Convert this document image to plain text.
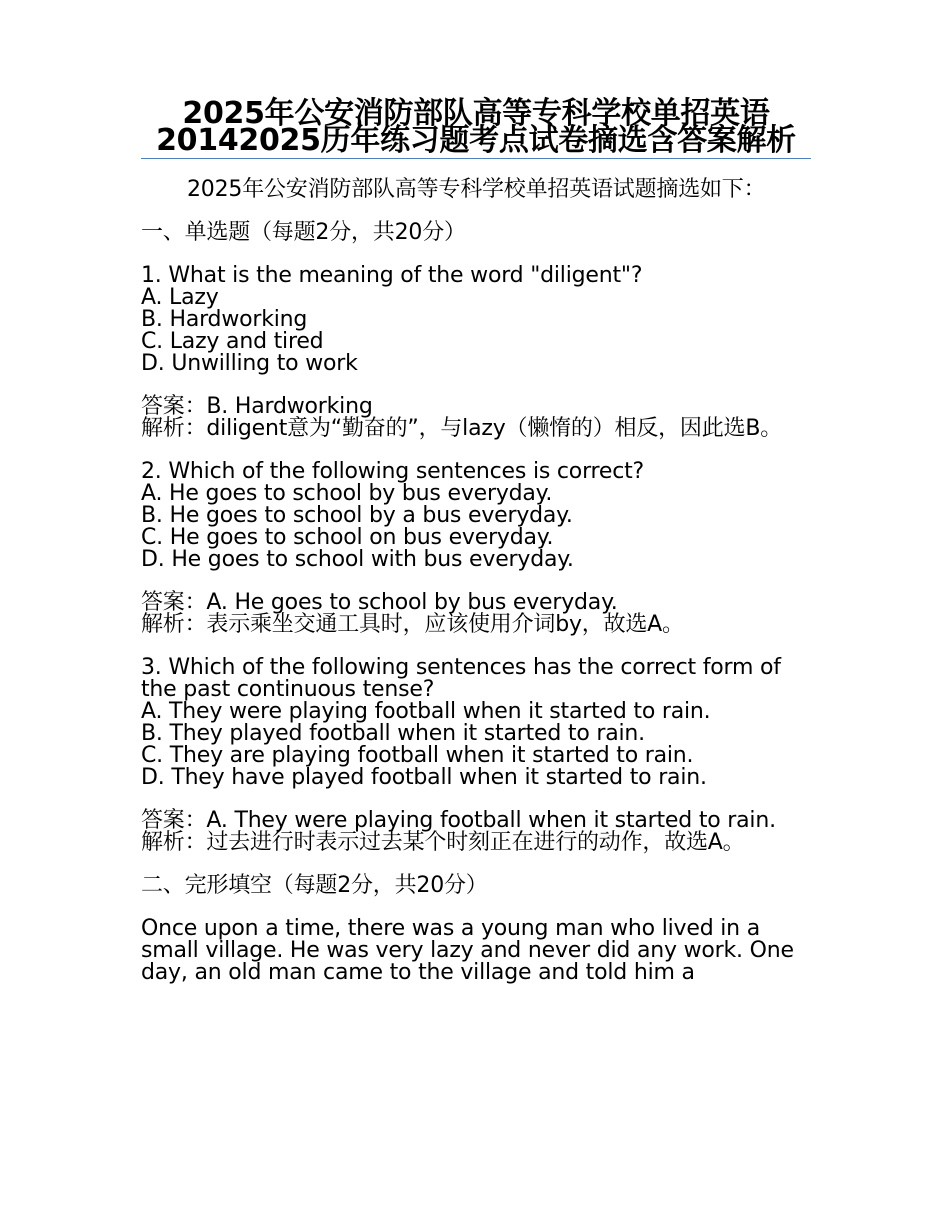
2025年公安消防部队高等专科学校单招英语20142025历年练习题考点试卷摘选含答案解析

2025年公安消防部队高等专科学校单招英语试题摘选如下：

一、单选题（每题2分，共20分）

1. What is the meaning of the word "diligent"?
A. Lazy
B. Hardworking
C. Lazy and tired
D. Unwilling to work
答案：B. Hardworking
解析：diligent意为“勤奋的”，与lazy（懒惰的）相反，因此选B。
2. Which of the following sentences is correct?
A. He goes to school by bus everyday.
B. He goes to school by a bus everyday.
C. He goes to school on bus everyday.
D. He goes to school with bus everyday.
答案：A. He goes to school by bus everyday.
解析：表示乘坐交通工具时，应该使用介词by，故选A。
3. Which of the following sentences has the correct form of the past continuous tense?
A. They were playing football when it started to rain.
B. They played football when it started to rain.
C. They are playing football when it started to rain.
D. They have played football when it started to rain.
答案：A. They were playing football when it started to rain.
解析：过去进行时表示过去某个时刻正在进行的动作，故选A。

二、完形填空（每题2分，共20分）

Once upon a time, there was a young man who lived in a small village. He was very lazy and never did any work. One day, an old man came to the village and told him a
